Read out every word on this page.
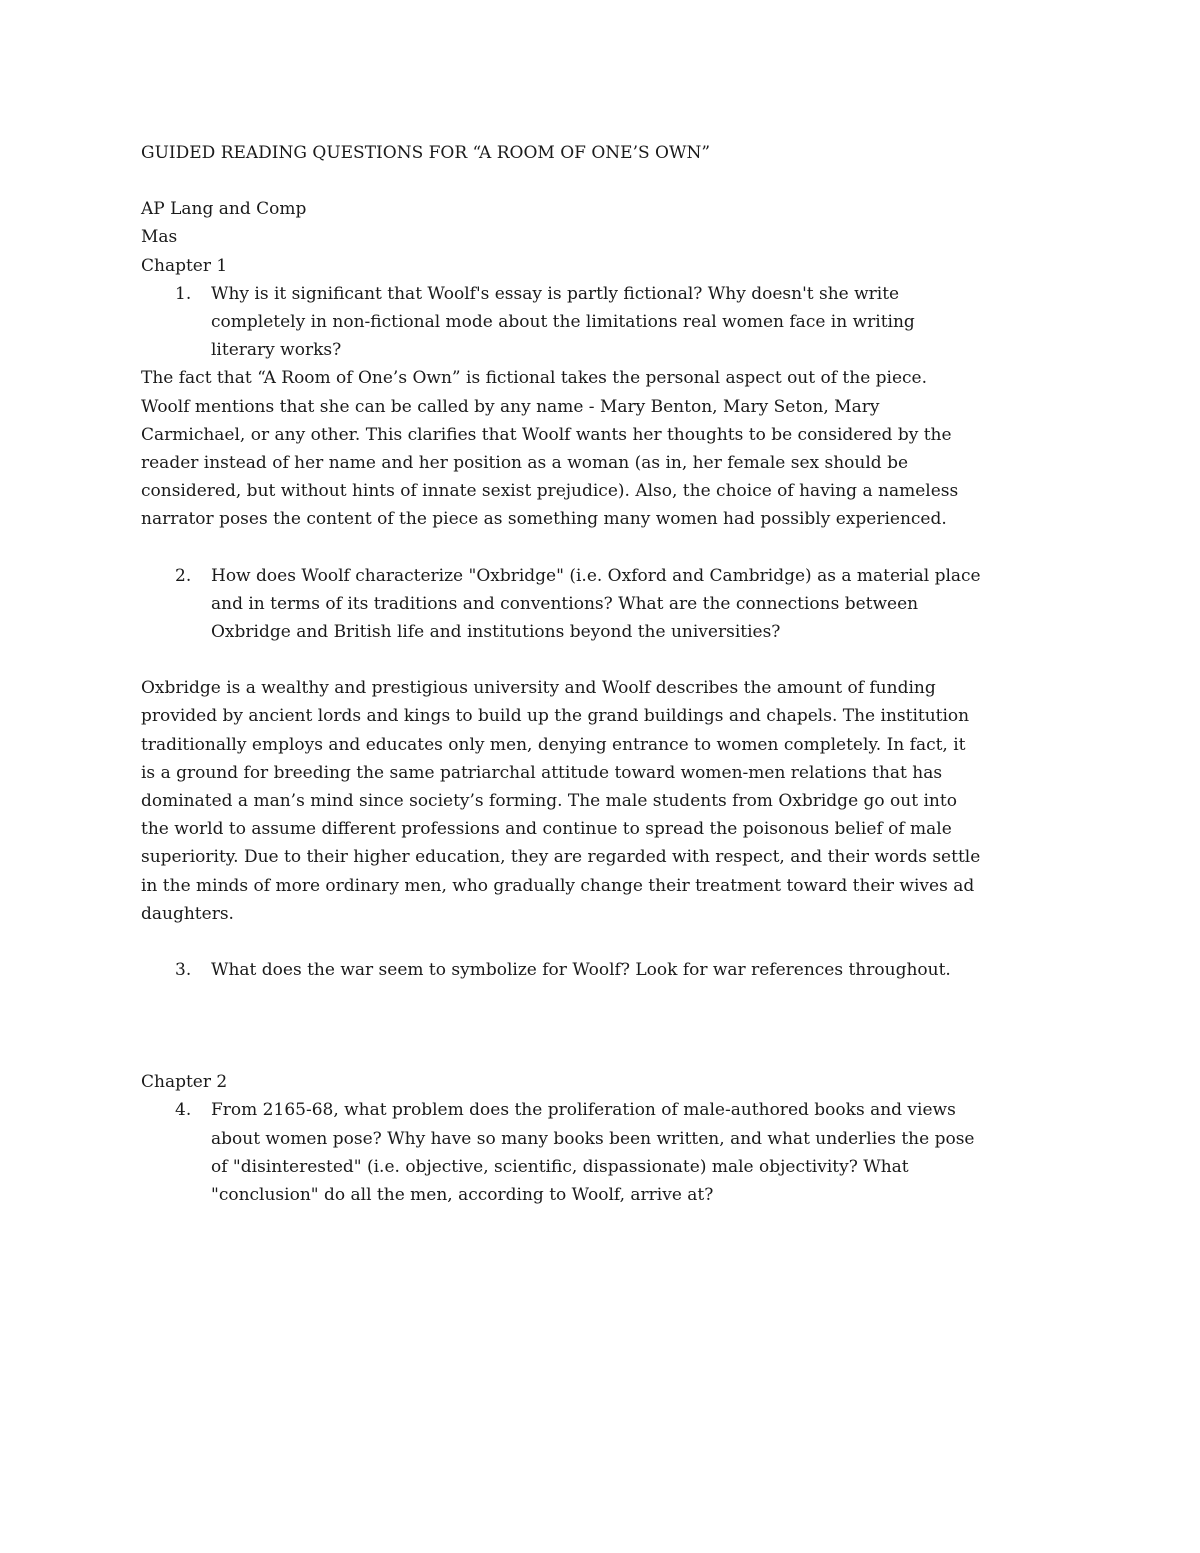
GUIDED READING QUESTIONS FOR “A ROOM OF ONE’S OWN”

AP Lang and Comp
Mas
Chapter 1
1. Why is it significant that Woolf's essay is partly fictional? Why doesn't she write
completely in non-fictional mode about the limitations real women face in writing
literary works?
The fact that “A Room of One’s Own” is fictional takes the personal aspect out of the piece.
Woolf mentions that she can be called by any name - Mary Benton, Mary Seton, Mary
Carmichael, or any other. This clarifies that Woolf wants her thoughts to be considered by the
reader instead of her name and her position as a woman (as in, her female sex should be
considered, but without hints of innate sexist prejudice). Also, the choice of having a nameless
narrator poses the content of the piece as something many women had possibly experienced.
2. How does Woolf characterize "Oxbridge" (i.e. Oxford and Cambridge) as a material place
and in terms of its traditions and conventions? What are the connections between
Oxbridge and British life and institutions beyond the universities?
Oxbridge is a wealthy and prestigious university and Woolf describes the amount of funding
provided by ancient lords and kings to build up the grand buildings and chapels. The institution
traditionally employs and educates only men, denying entrance to women completely. In fact, it
is a ground for breeding the same patriarchal attitude toward women-men relations that has
dominated a man’s mind since society’s forming. The male students from Oxbridge go out into
the world to assume different professions and continue to spread the poisonous belief of male
superiority. Due to their higher education, they are regarded with respect, and their words settle
in the minds of more ordinary men, who gradually change their treatment toward their wives ad
daughters.
3. What does the war seem to symbolize for Woolf? Look for war references throughout.
Chapter 2
4. From 2165-68, what problem does the proliferation of male-authored books and views
about women pose? Why have so many books been written, and what underlies the pose
of "disinterested" (i.e. objective, scientific, dispassionate) male objectivity? What
"conclusion" do all the men, according to Woolf, arrive at?
